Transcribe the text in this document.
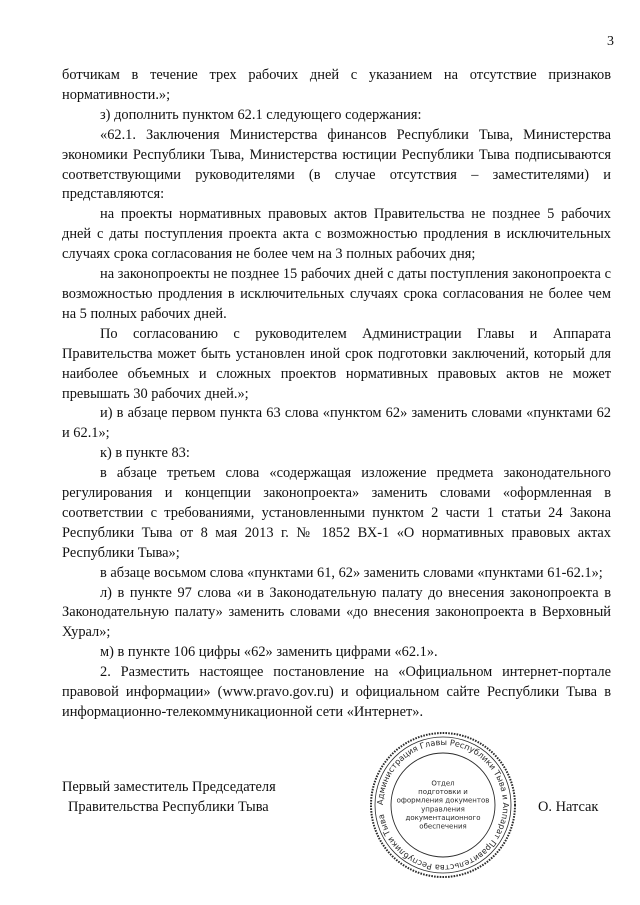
3

ботчикам в течение трех рабочих дней с указанием на отсутствие признаков нормативности.»;

з) дополнить пунктом 62.1 следующего содержания:

«62.1. Заключения Министерства финансов Республики Тыва, Министерства экономики Республики Тыва, Министерства юстиции Республики Тыва подписываются соответствующими руководителями (в случае отсутствия – заместителями) и представляются:

на проекты нормативных правовых актов Правительства не позднее 5 рабочих дней с даты поступления проекта акта с возможностью продления в исключительных случаях срока согласования не более чем на 3 полных рабочих дня;

на законопроекты не позднее 15 рабочих дней с даты поступления законопроекта с возможностью продления в исключительных случаях срока согласования не более чем на 5 полных рабочих дней.

По согласованию с руководителем Администрации Главы и Аппарата Правительства может быть установлен иной срок подготовки заключений, который для наиболее объемных и сложных проектов нормативных правовых актов не может превышать 30 рабочих дней.»;

и) в абзаце первом пункта 63 слова «пунктом 62» заменить словами «пунктами 62 и 62.1»;

к) в пункте 83:

в абзаце третьем слова «содержащая изложение предмета законодательного регулирования и концепции законопроекта» заменить словами «оформленная в соответствии с требованиями, установленными пунктом 2 части 1 статьи 24 Закона Республики Тыва от 8 мая 2013 г. № 1852 ВХ-1 «О нормативных правовых актах Республики Тыва»;

в абзаце восьмом слова «пунктами 61, 62» заменить словами «пунктами 61-62.1»;

л) в пункте 97 слова «и в Законодательную палату до внесения законопроекта в Законодательную палату» заменить словами «до внесения законопроекта в Верховный Хурал»;

м) в пункте 106 цифры «62» заменить цифрами «62.1».

2. Разместить настоящее постановление на «Официальном интернет-портале правовой информации» (www.pravo.gov.ru) и официальном сайте Республики Тыва в информационно-телекоммуникационной сети «Интернет».

Первый заместитель Председателя
Правительства Республики Тыва	О. Натсак
Администрация Главы Республики Тыва и Аппарат Правительства Республики Тыва
Отдел
подготовки и
оформления документов
управления
документационного
обеспечения
